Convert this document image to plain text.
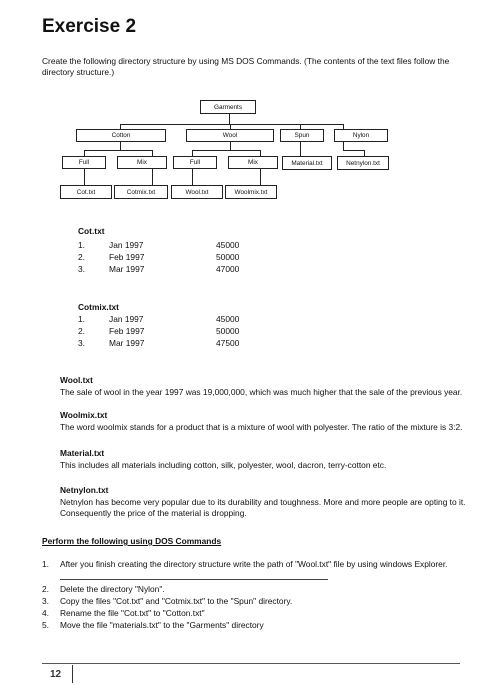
Exercise 2
Create the following directory structure by using MS DOS Commands. (The contents of the text files follow the directory structure.)
Garments
Cotton	Wool	Spun	Nylon
Full	Mix	Full	Mix	Material.txt	Netnylon.txt
Cot.txt	Cotmix.txt	Wool.txt	Woolmix.txt
Cot.txt
1.	Jan 1997	45000
2.	Feb 1997	50000
3.	Mar 1997	47000
Cotmix.txt
1.	Jan 1997	45000
2.	Feb 1997	50000
3.	Mar 1997	47500
Wool.txt
The sale of wool in the year 1997 was 19,000,000, which was much higher that the sale of the previous year.
Woolmix.txt
The word woolmix stands for a product that is a mixture of wool with polyester. The ratio of the mixture is 3:2.
Material.txt
This includes all materials including cotton, silk, polyester, wool, dacron, terry-cotton etc.
Netnylon.txt
Netnylon has become very popular due to its durability and toughness. More and more people are opting to it. Consequently the price of the material is dropping.
Perform the following using DOS Commands
1. After you finish creating the directory structure write the path of "Wool.txt" file by using windows Explorer.
2. Delete the directory "Nylon".
3. Copy the files "Cot.txt" and "Cotmix.txt" to the "Spun" directory.
4. Rename the file "Cot.txt" to "Cotton.txt"
5. Move the file "materials.txt" to the "Garments" directory
12
